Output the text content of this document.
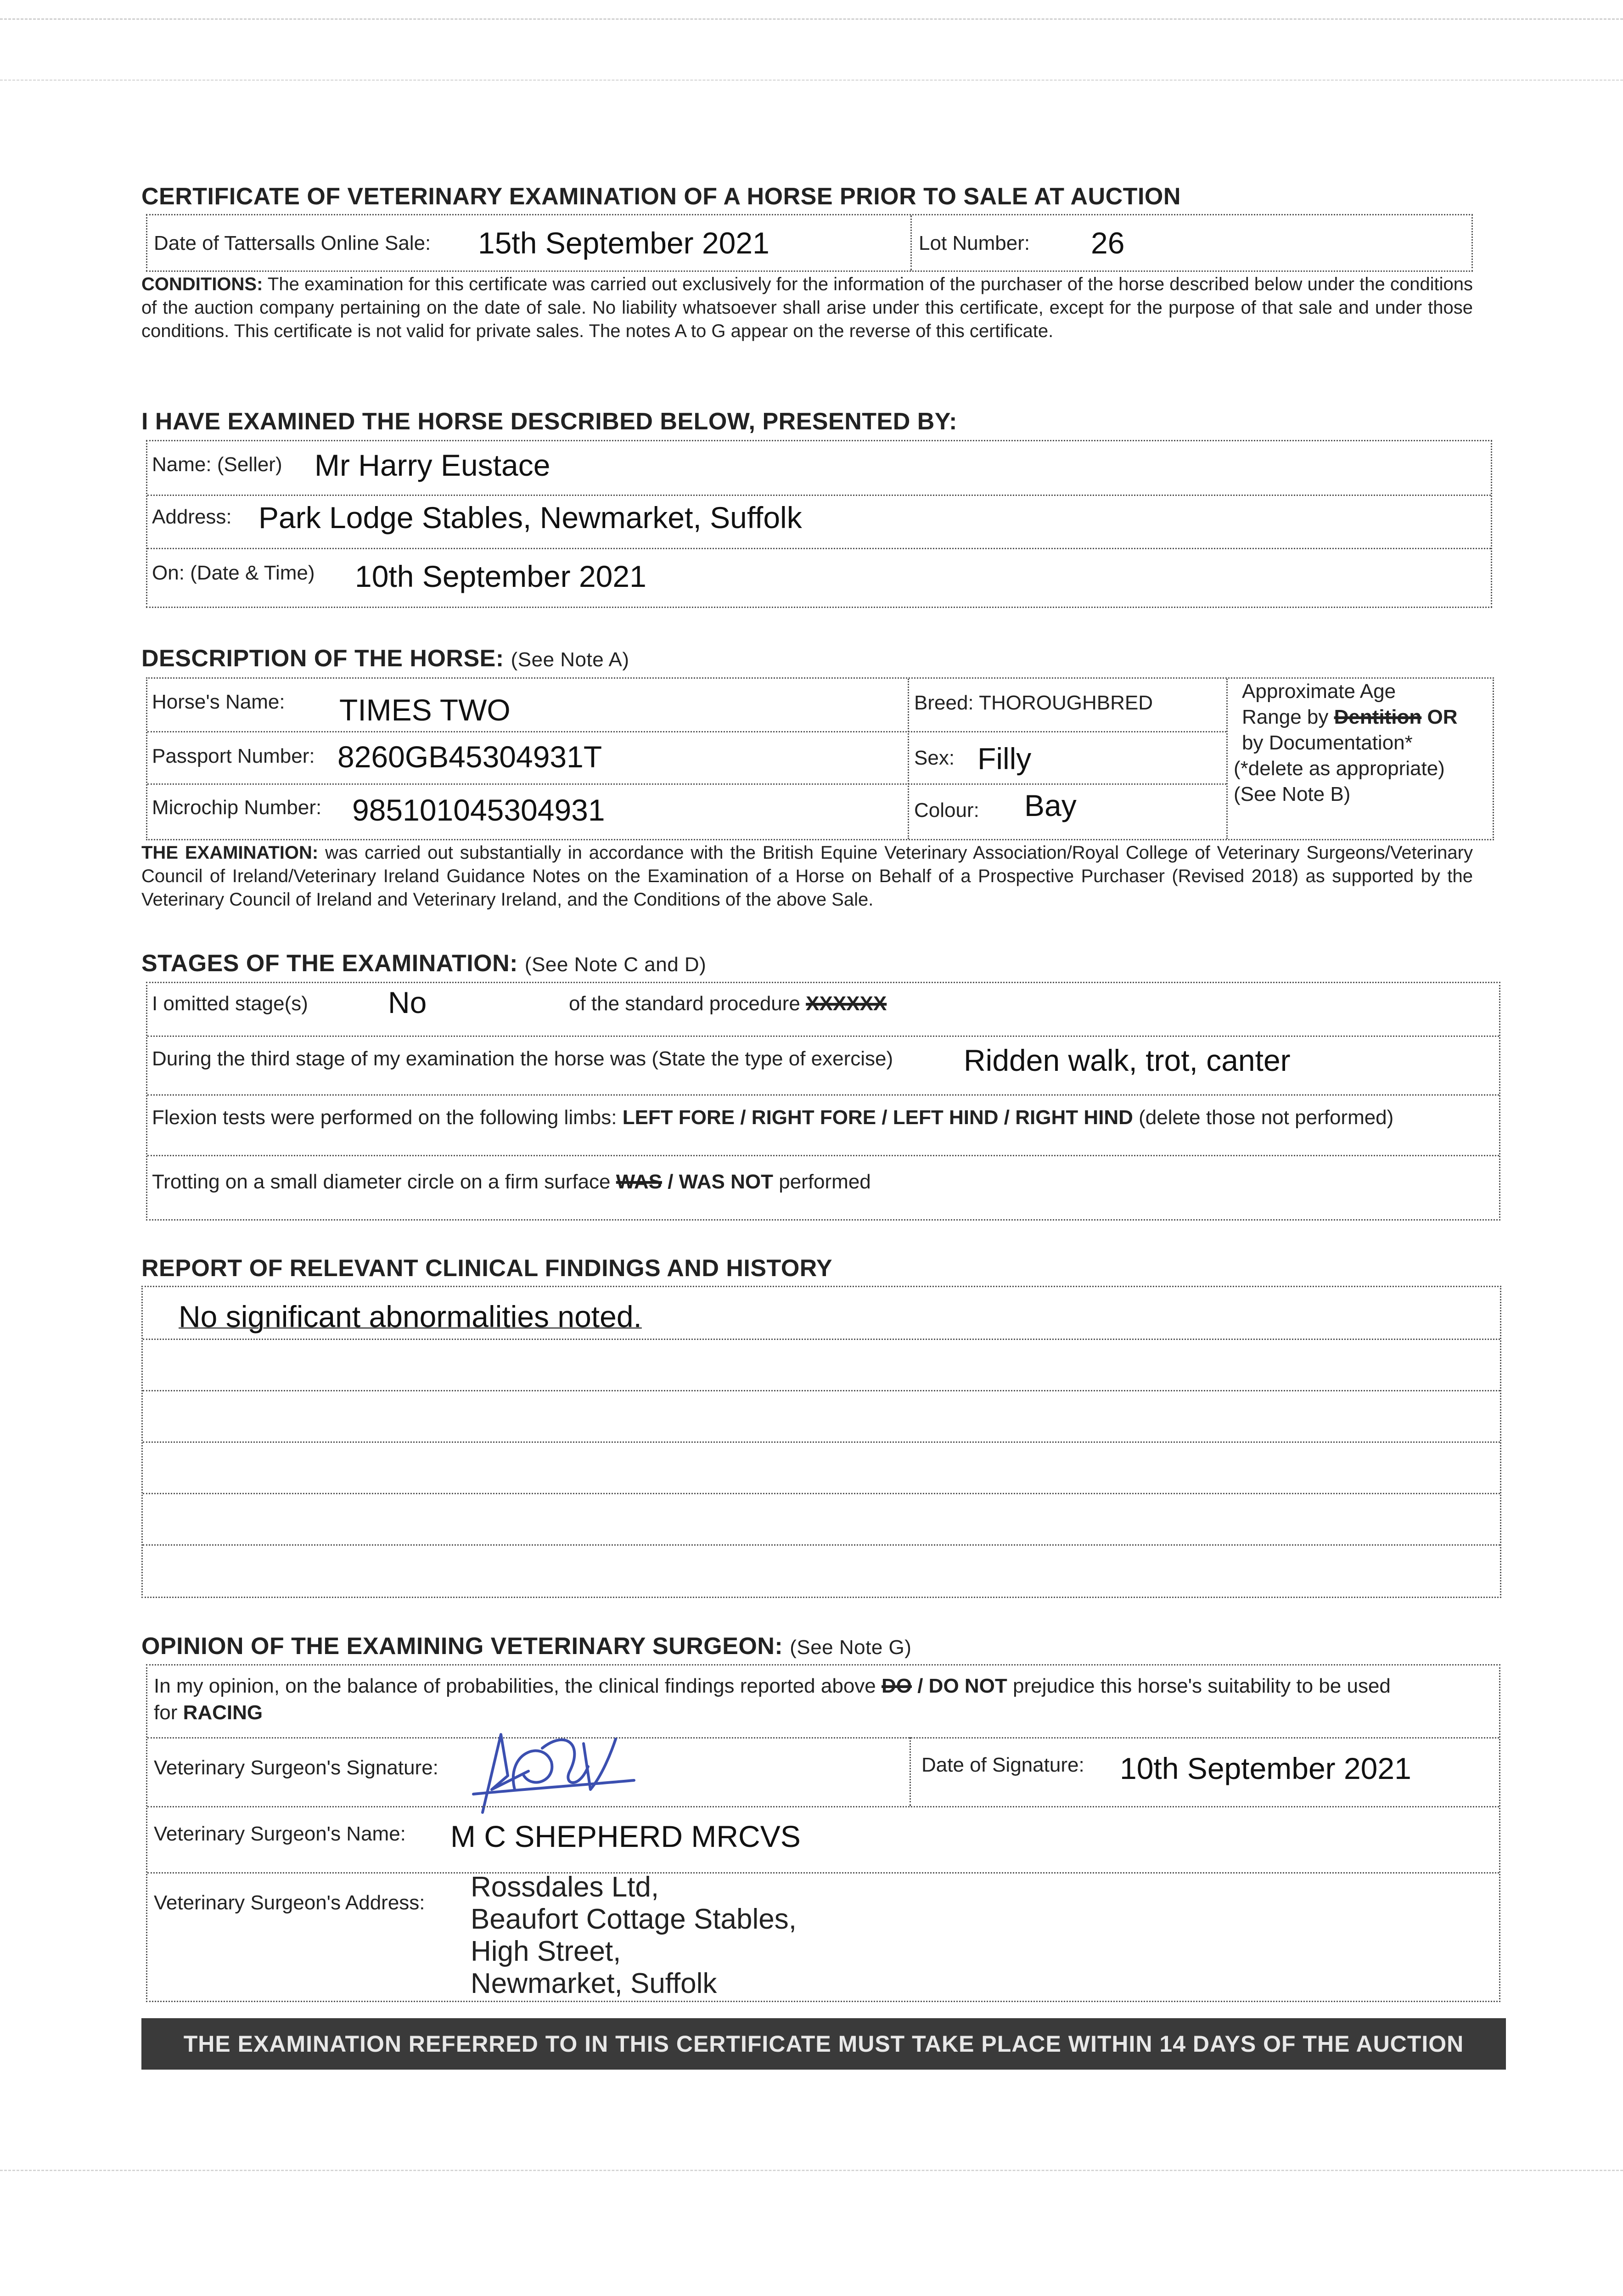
CERTIFICATE OF VETERINARY EXAMINATION OF A HORSE PRIOR TO SALE AT AUCTION
Date of Tattersalls Online Sale: 15th September 2021	Lot Number: 26
CONDITIONS: The examination for this certificate was carried out exclusively for the information of the purchaser of the horse described below under the conditions of the auction company pertaining on the date of sale. No liability whatsoever shall arise under this certificate, except for the purpose of that sale and under those conditions. This certificate is not valid for private sales. The notes A to G appear on the reverse of this certificate.
I HAVE EXAMINED THE HORSE DESCRIBED BELOW, PRESENTED BY:
Name: (Seller) Mr Harry Eustace
Address: Park Lodge Stables, Newmarket, Suffolk
On: (Date & Time) 10th September 2021
DESCRIPTION OF THE HORSE: (See Note A)
Horse's Name: TIMES TWO	Breed: THOROUGHBRED
Passport Number: 8260GB45304931T	Sex: Filly
Microchip Number: 985101045304931	Colour: Bay
Approximate Age
Range by Dentition OR
by Documentation*
(*delete as appropriate)
(See Note B)
THE EXAMINATION: was carried out substantially in accordance with the British Equine Veterinary Association/Royal College of Veterinary Surgeons/Veterinary Council of Ireland/Veterinary Ireland Guidance Notes on the Examination of a Horse on Behalf of a Prospective Purchaser (Revised 2018) as supported by the Veterinary Council of Ireland and Veterinary Ireland, and the Conditions of the above Sale.
STAGES OF THE EXAMINATION: (See Note C and D)
I omitted stage(s)	No	of the standard procedure XXXXXX
During the third stage of my examination the horse was (State the type of exercise) Ridden walk, trot, canter
Flexion tests were performed on the following limbs: LEFT FORE / RIGHT FORE / LEFT HIND / RIGHT HIND (delete those not performed)
Trotting on a small diameter circle on a firm surface WAS / WAS NOT performed
REPORT OF RELEVANT CLINICAL FINDINGS AND HISTORY
No significant abnormalities noted.
OPINION OF THE EXAMINING VETERINARY SURGEON: (See Note G)
In my opinion, on the balance of probabilities, the clinical findings reported above DO / DO NOT prejudice this horse's suitability to be used
for RACING
Veterinary Surgeon's Signature:	Date of Signature: 10th September 2021
Veterinary Surgeon's Name: M C SHEPHERD MRCVS
Veterinary Surgeon's Address: Rossdales Ltd,
Beaufort Cottage Stables,
High Street,
Newmarket, Suffolk
THE EXAMINATION REFERRED TO IN THIS CERTIFICATE MUST TAKE PLACE WITHIN 14 DAYS OF THE AUCTION
